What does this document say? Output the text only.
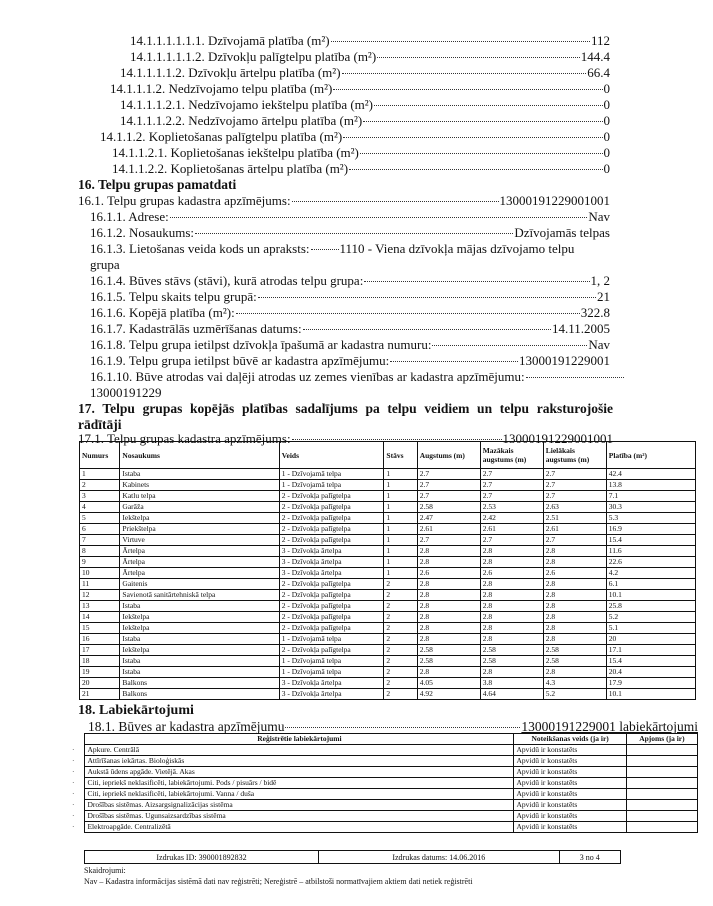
14.1.1.1.1.1.1. Dzīvojamā platība (m²)	112
14.1.1.1.1.1.2. Dzīvokļu palīgtelpu platība (m²)	144.4
14.1.1.1.1.2. Dzīvokļu ārtelpu platība (m²)	66.4
14.1.1.1.2. Nedzīvojamo telpu platība (m²)	0
14.1.1.1.2.1. Nedzīvojamo iekštelpu platība (m²)	0
14.1.1.1.2.2. Nedzīvojamo ārtelpu platība (m²)	0
14.1.1.2. Koplietošanas palīgtelpu platība (m²)	0
14.1.1.2.1. Koplietošanas iekštelpu platība (m²)	0
14.1.1.2.2. Koplietošanas ārtelpu platība (m²)	0
16. Telpu grupas pamatdati
16.1. Telpu grupas kadastra apzīmējums:	13000191229001001
16.1.1. Adrese:	Nav
16.1.2. Nosaukums:	Dzīvojamās telpas
16.1.3. Lietošanas veida kods un apraksts: 1110 - Viena dzīvokļa mājas dzīvojamo telpu
grupa
16.1.4. Būves stāvs (stāvi), kurā atrodas telpu grupa:	1, 2
16.1.5. Telpu skaits telpu grupā:	21
16.1.6. Kopējā platība (m²):	322.8
16.1.7. Kadastrālās uzmērīšanas datums:	14.11.2005
16.1.8. Telpu grupa ietilpst dzīvokļa īpašumā ar kadastra numuru:	Nav
16.1.9. Telpu grupa ietilpst būvē ar kadastra apzīmējumu:	13000191229001
16.1.10. Būve atrodas vai daļēji atrodas uz zemes vienības ar kadastra apzīmējumu:
13000191229
17. Telpu grupas kopējās platības sadalījums pa telpu veidiem un telpu raksturojošie
rādītāji
17.1. Telpu grupas kadastra apzīmējums:	13000191229001001
Numurs	Nosaukums	Veids	Stāvs	Augstums (m)	Mazākais augstums (m)	Lielākais augstums (m)	Platība (m²)
1	Istaba	1 - Dzīvojamā telpa	1	2.7	2.7	2.7	42.4
2	Kabinets	1 - Dzīvojamā telpa	1	2.7	2.7	2.7	13.8
3	Katlu telpa	2 - Dzīvokļa palīgtelpa	1	2.7	2.7	2.7	7.1
4	Garāža	2 - Dzīvokļa palīgtelpa	1	2.58	2.53	2.63	30.3
5	Iekštelpa	2 - Dzīvokļa palīgtelpa	1	2.47	2.42	2.51	5.3
6	Priekštelpa	2 - Dzīvokļa palīgtelpa	1	2.61	2.61	2.61	16.9
7	Virtuve	2 - Dzīvokļa palīgtelpa	1	2.7	2.7	2.7	15.4
8	Ārtelpa	3 - Dzīvokļa ārtelpa	1	2.8	2.8	2.8	11.6
9	Ārtelpa	3 - Dzīvokļa ārtelpa	1	2.8	2.8	2.8	22.6
10	Ārtelpa	3 - Dzīvokļa ārtelpa	1	2.6	2.6	2.6	4.2
11	Gaitenis	2 - Dzīvokļa palīgtelpa	2	2.8	2.8	2.8	6.1
12	Savienotā sanitārtehniskā telpa	2 - Dzīvokļa palīgtelpa	2	2.8	2.8	2.8	10.1
13	Istaba	2 - Dzīvokļa palīgtelpa	2	2.8	2.8	2.8	25.8
14	Iekštelpa	2 - Dzīvokļa palīgtelpa	2	2.8	2.8	2.8	5.2
15	Iekštelpa	2 - Dzīvokļa palīgtelpa	2	2.8	2.8	2.8	5.1
16	Istaba	1 - Dzīvojamā telpa	2	2.8	2.8	2.8	20
17	Iekštelpa	2 - Dzīvokļa palīgtelpa	2	2.58	2.58	2.58	17.1
18	Istaba	1 - Dzīvojamā telpa	2	2.58	2.58	2.58	15.4
19	Istaba	1 - Dzīvojamā telpa	2	2.8	2.8	2.8	20.4
20	Balkons	3 - Dzīvokļa ārtelpa	2	4.05	3.8	4.3	17.9
21	Balkons	3 - Dzīvokļa ārtelpa	2	4.92	4.64	5.2	10.1
18. Labiekārtojumi
18.1. Būves ar kadastra apzīmējumu	13000191229001 labiekārtojumi
	Reģistrētie labiekārtojumi	Noteikšanas veids (ja ir)	Apjoms (ja ir)
·	Apkure. Centrālā	Apvidū ir konstatēts	
·	Attīrīšanas iekārtas. Bioloģiskās	Apvidū ir konstatēts	
·	Aukstā ūdens apgāde. Vietējā. Akas	Apvidū ir konstatēts	
·	Citi, iepriekš neklasificēti, labiekārtojumi. Pods / pisuārs / bidē	Apvidū ir konstatēts	
·	Citi, iepriekš neklasificēti, labiekārtojumi. Vanna / duša	Apvidū ir konstatēts	
·	Drošības sistēmas. Aizsargsignalizācijas sistēma	Apvidū ir konstatēts	
·	Drošības sistēmas. Ugunsaizsardzības sistēma	Apvidū ir konstatēts	
·	Elektroapgāde. Centralizētā	Apvidū ir konstatēts	
Izdrukas ID: 390001892832	Izdrukas datums: 14.06.2016	3 no 4
Skaidrojumi:
Nav – Kadastra informācijas sistēmā dati nav reģistrēti; Nereģistrē – atbilstoši normatīvajiem aktiem dati netiek reģistrēti
